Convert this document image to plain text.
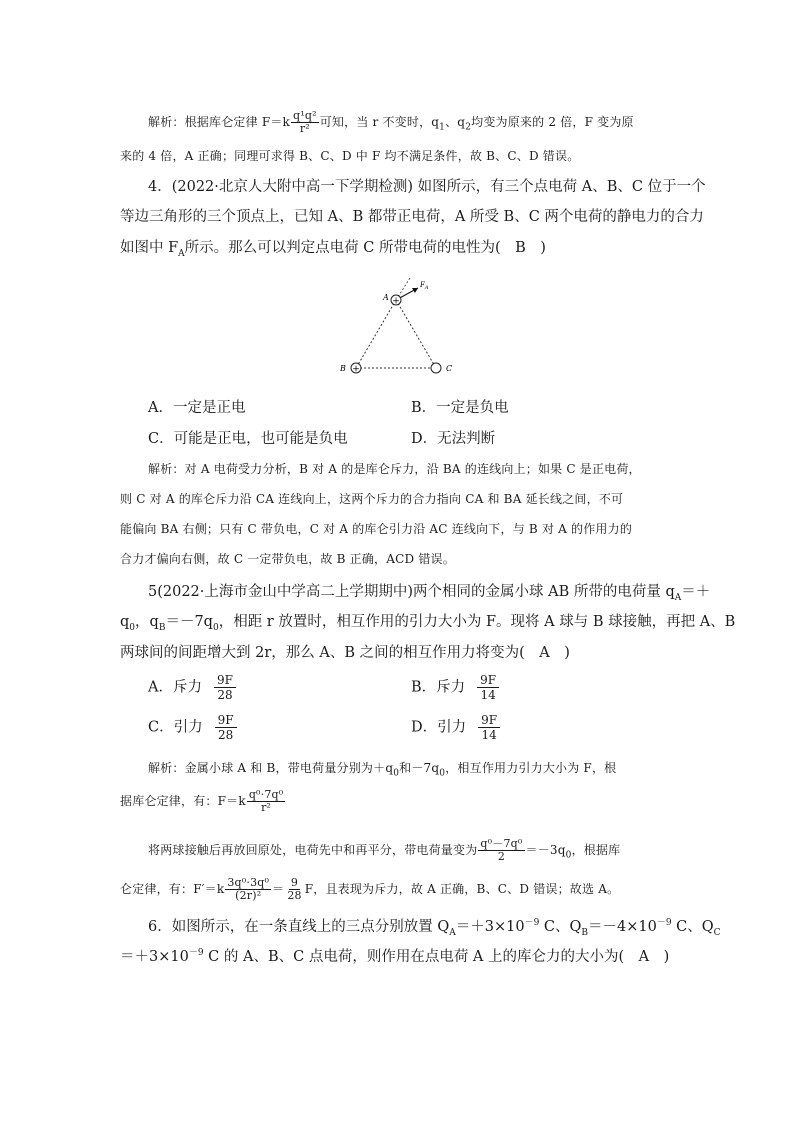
解析：根据库仑定律 $F=k \frac{\text{q¹q²}}{\text{r²}}$ 可知，当 r 不变时，$q_1$、$q_2$均变为原来的 2 倍，F 变为原
来的 4 倍，A 正确；同理可求得 B、C、D 中 F 均不满足条件，故 B、C、D 错误。
4．(2022·北京人大附中高一下学期检测) 如图所示，有三个点电荷 A、B、C 位于一个
等边三角形的三个顶点上，已知 A、B 都带正电荷，A 所受 B、C 两个电荷的静电力的合力
如图中 $F_A$所示。那么可以判定点电荷 C 所带电荷的电性为(　B　)
+
+
A
B	C
$F_A$
A．一定是正电	B．一定是负电
C．可能是正电，也可能是负电	D．无法判断
解析：对 A 电荷受力分析，B 对 A 的是库仑斥力，沿 BA 的连线向上；如果 C 是正电荷，
则 C 对 A 的库仑斥力沿 CA 连线向上，这两个斥力的合力指向 CA 和 BA 延长线之间，不可
能偏向 BA 右侧；只有 C 带负电，C 对 A 的库仑引力沿 AC 连线向下，与 B 对 A 的作用力的
合力才偏向右侧，故 C 一定带负电，故 B 正确，ACD 错误。
5(2022·上海市金山中学高二上学期期中)两个相同的金属小球 AB 所带的电荷量 $q_A=+$
$q_0$，$q_B=-7q_0$，相距 r 放置时，相互作用的引力大小为 F。现将 A 球与 B 球接触，再把 A、B
两球间的间距增大到 2r，那么 A、B 之间的相互作用力将变为(　A　)
A．斥力 $\frac{9F}{28}$	B．斥力 $\frac{9F}{14}$
C．引力 $\frac{9F}{28}$	D．引力 $\frac{9F}{14}$
解析：金属小球 A 和 B，带电荷量分别为$+q_0$和$-7q_0$，相互作用力引力大小为 F，根
据库仑定律，有：$F=k \frac{\text{q⁰·7q⁰}}{\text{r²}}$
将两球接触后再放回原处，电荷先中和再平分，带电荷量变为 $\frac{\text{q⁰－7q⁰}}{2} =-3q_0$，根据库
仑定律，有：$F'=k \frac{\text{3q⁰·3q⁰}}{\text{(2r)²}} = \frac{9}{28}$ F，且表现为斥力，故 A 正确，B、C、D 错误；故选 A。
6．如图所示，在一条直线上的三点分别放置 $Q_A=+3\times 10^{-9}$ C、$Q_B=-4\times 10^{-9}$ C、$Q_C$
$=+3\times 10^{-9}$ C 的 A、B、C 点电荷，则作用在点电荷 A 上的库仑力的大小为(　A　)
